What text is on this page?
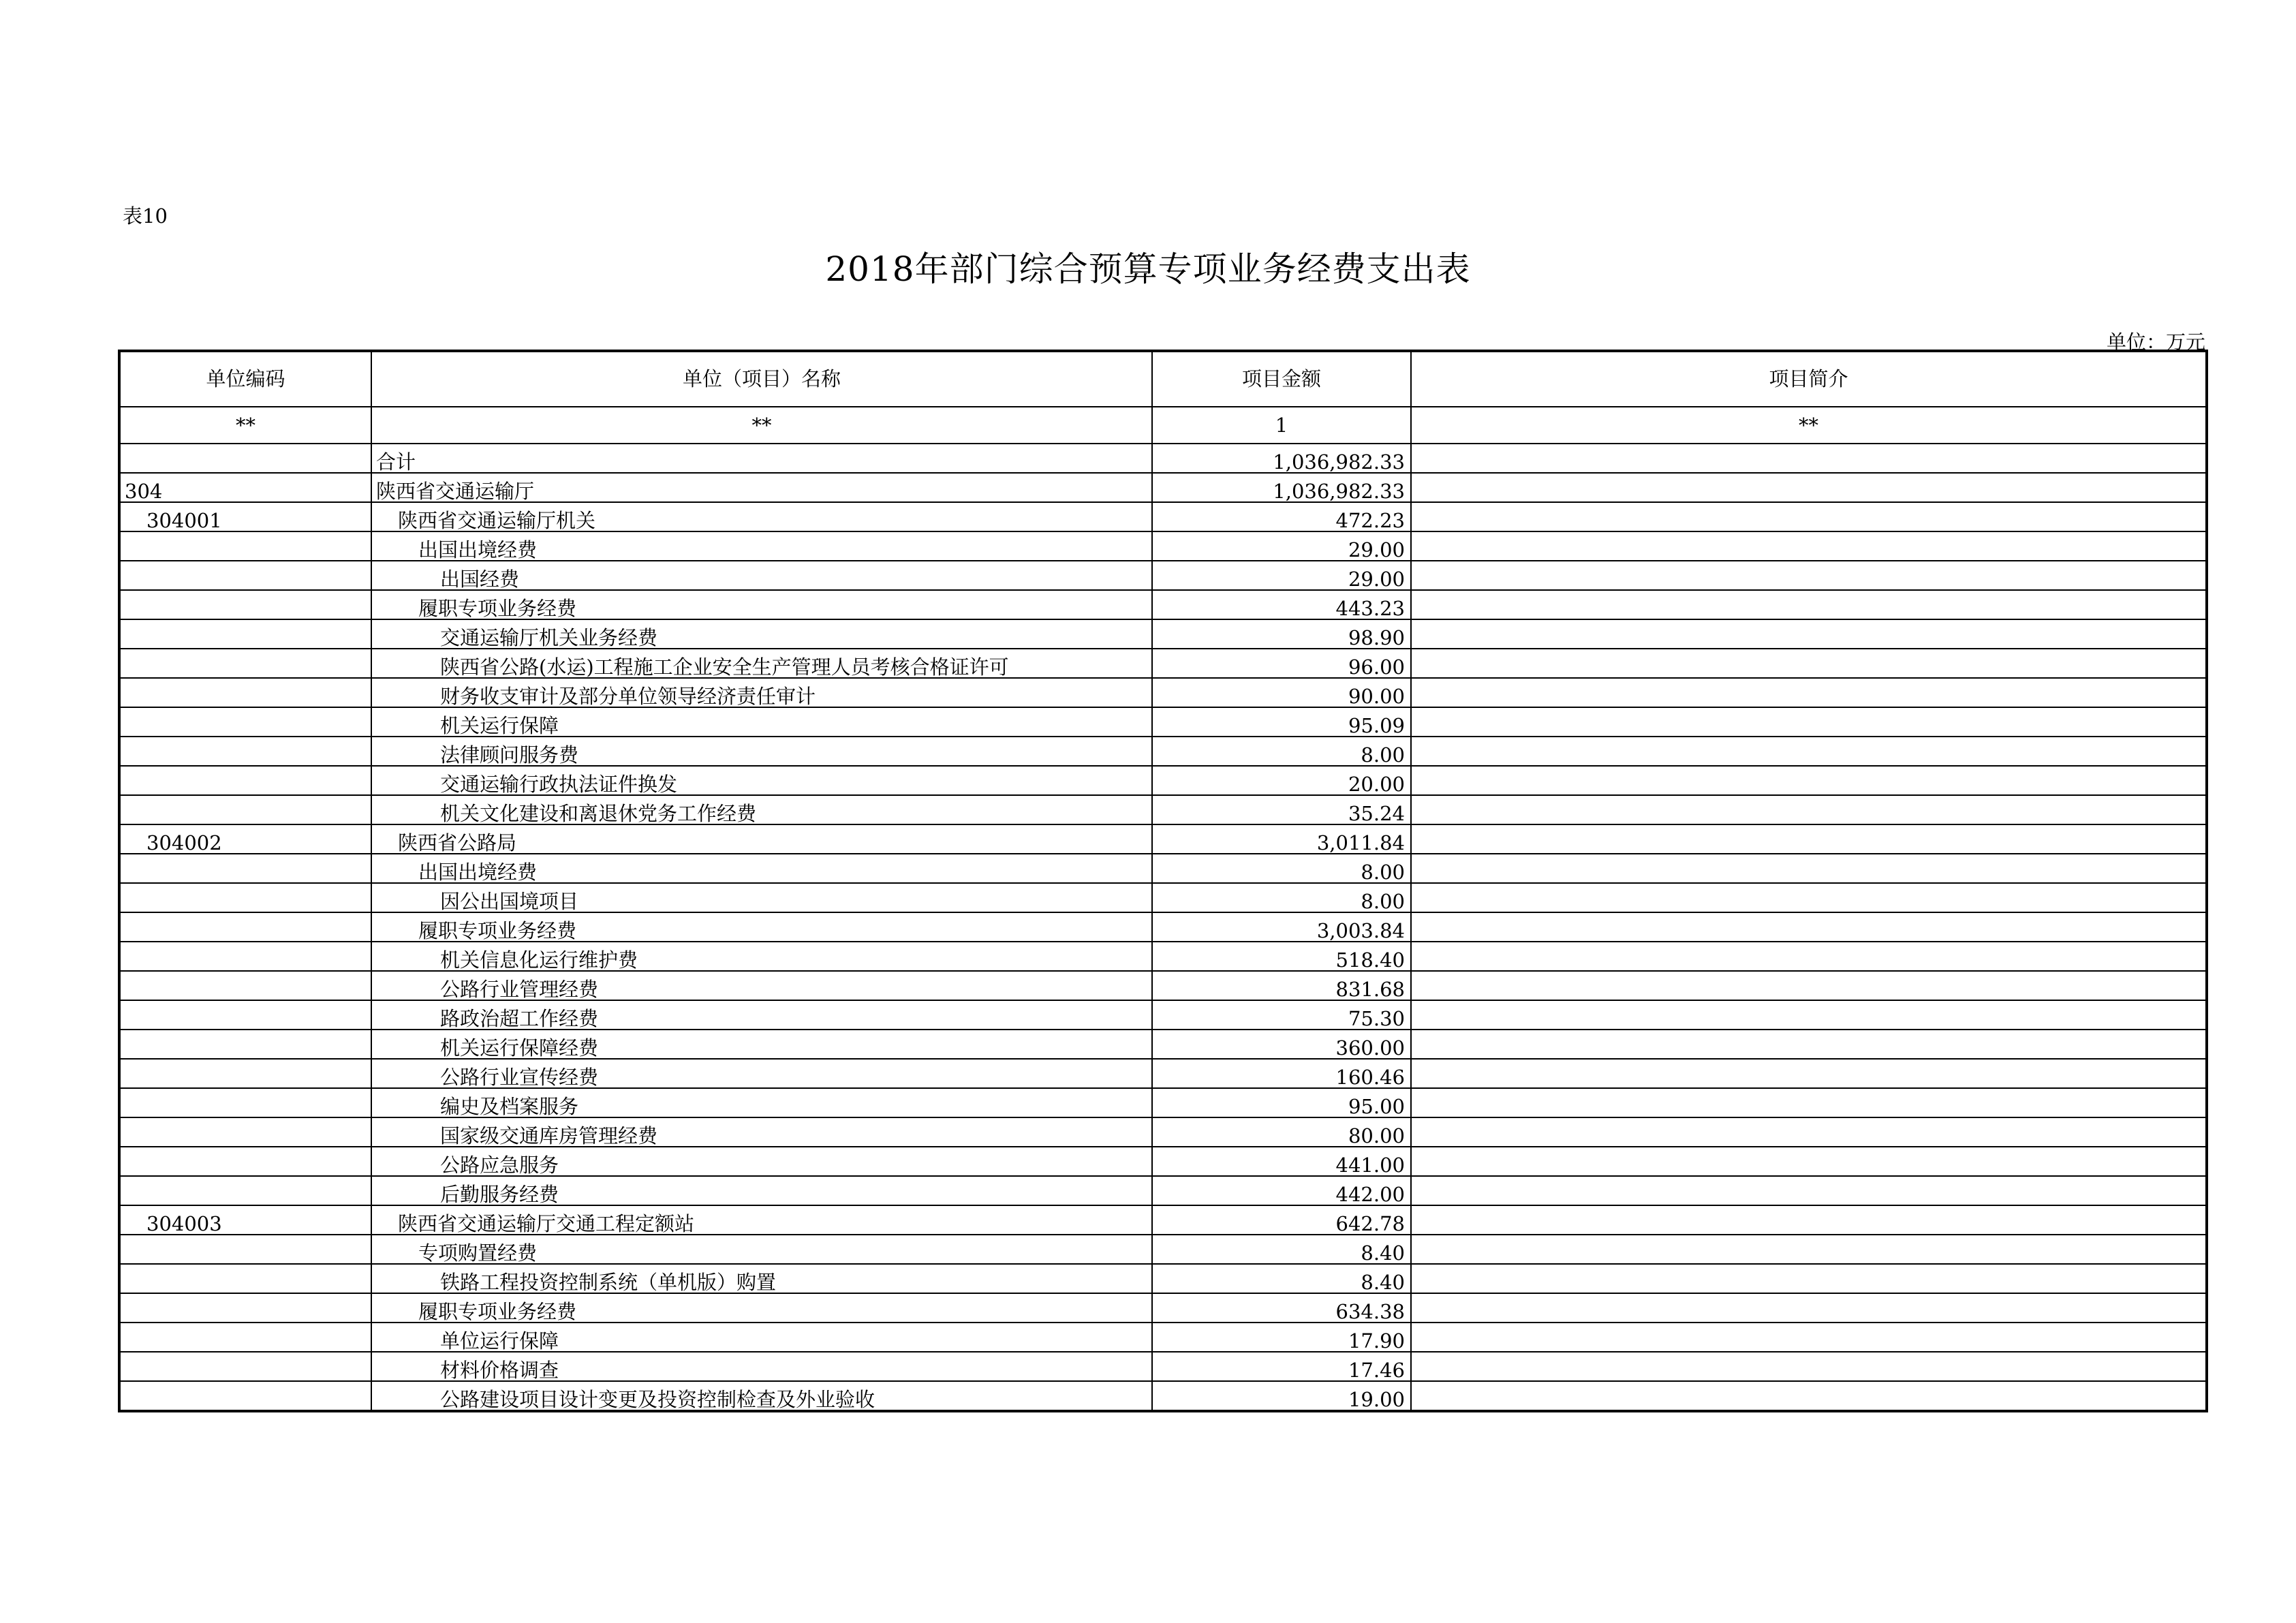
表10
2018年部门综合预算专项业务经费支出表
单位：万元
单位编码	单位（项目）名称	项目金额	项目简介
**	**	1	**
	合计	1,036,982.33	
304	陕西省交通运输厅	1,036,982.33	
304001	陕西省交通运输厅机关	472.23	
	出国出境经费	29.00	
	出国经费	29.00	
	履职专项业务经费	443.23	
	交通运输厅机关业务经费	98.90	
	陕西省公路(水运)工程施工企业安全生产管理人员考核合格证许可	96.00	
	财务收支审计及部分单位领导经济责任审计	90.00	
	机关运行保障	95.09	
	法律顾问服务费	8.00	
	交通运输行政执法证件换发	20.00	
	机关文化建设和离退休党务工作经费	35.24	
304002	陕西省公路局	3,011.84	
	出国出境经费	8.00	
	因公出国境项目	8.00	
	履职专项业务经费	3,003.84	
	机关信息化运行维护费	518.40	
	公路行业管理经费	831.68	
	路政治超工作经费	75.30	
	机关运行保障经费	360.00	
	公路行业宣传经费	160.46	
	编史及档案服务	95.00	
	国家级交通库房管理经费	80.00	
	公路应急服务	441.00	
	后勤服务经费	442.00	
304003	陕西省交通运输厅交通工程定额站	642.78	
	专项购置经费	8.40	
	铁路工程投资控制系统（单机版）购置	8.40	
	履职专项业务经费	634.38	
	单位运行保障	17.90	
	材料价格调查	17.46	
	公路建设项目设计变更及投资控制检查及外业验收	19.00	
